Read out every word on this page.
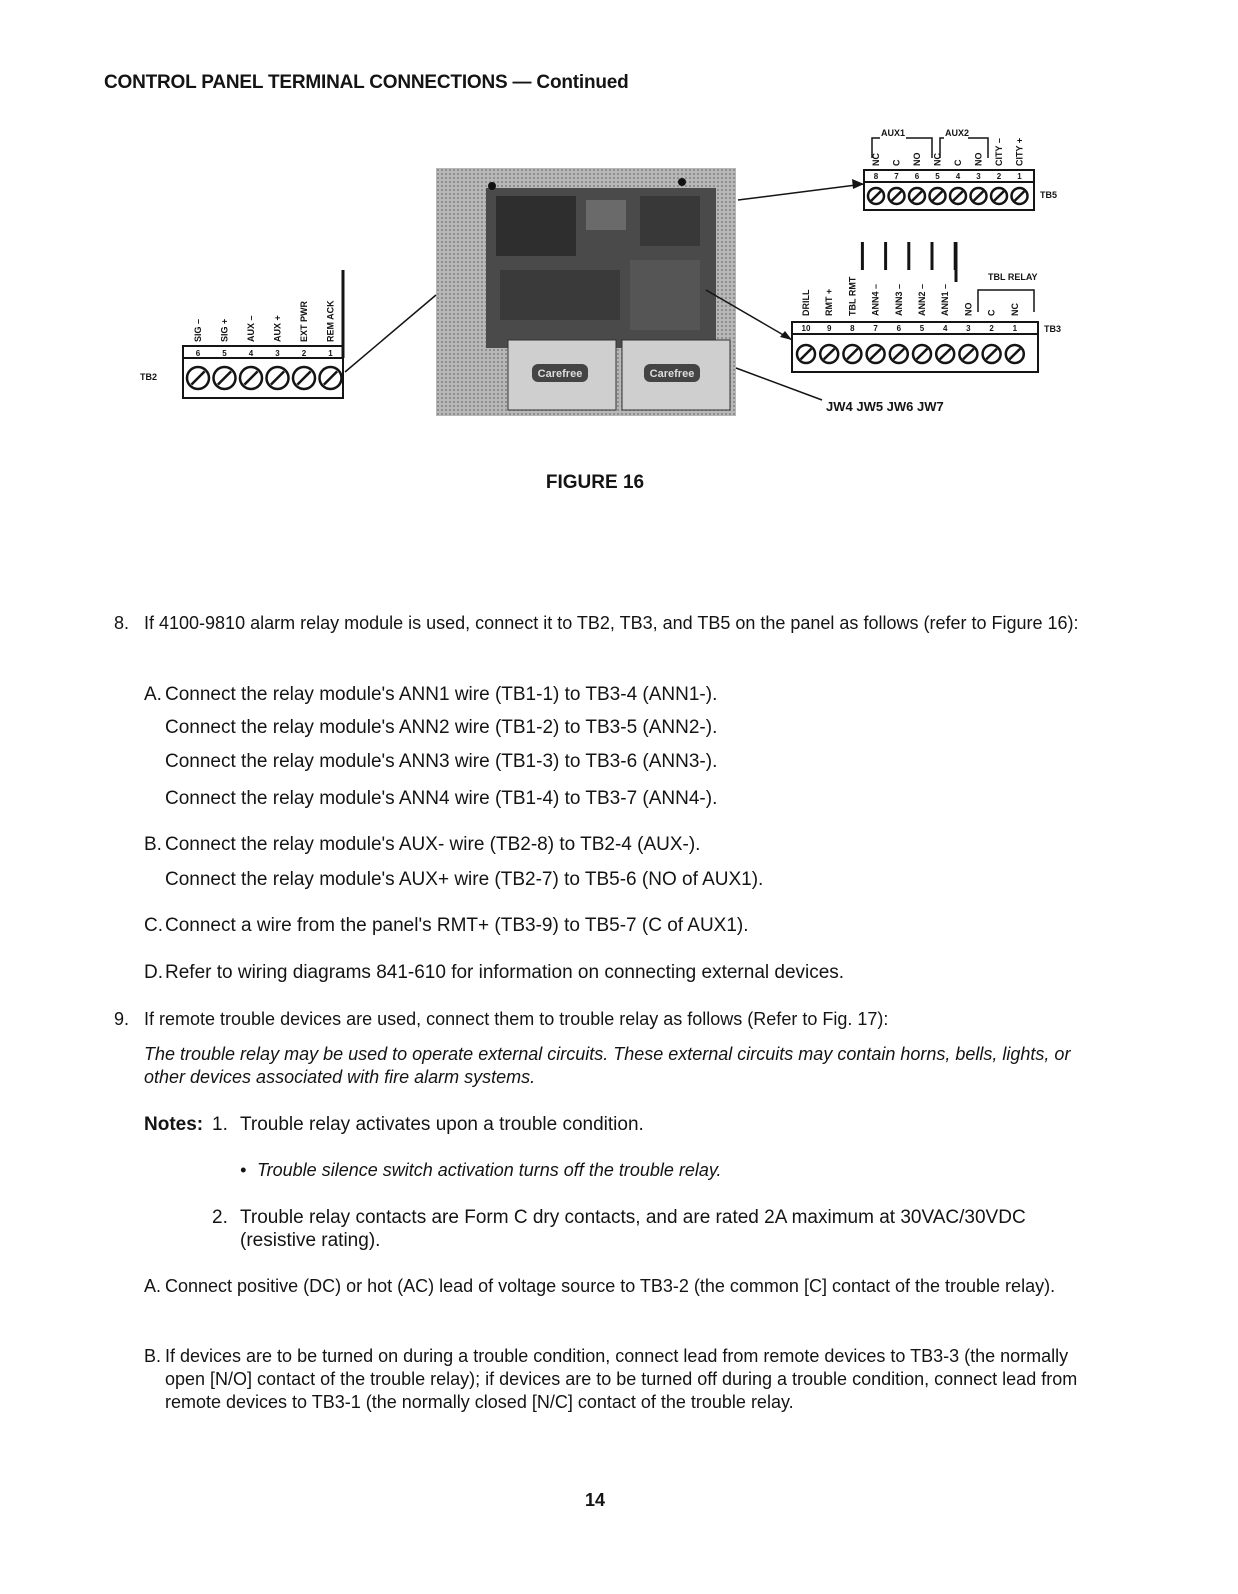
CONTROL PANEL TERMINAL CONNECTIONS — Continued
Carefree	Carefree
TB2
6
SIG –
5
SIG +
4
AUX –
3
AUX +
2
EXT PWR
1
REM ACK
AUX1	AUX2
8
NC
7
C
6
NO
5
NC
4
C
3
NO
2
CITY –
1
CITY +
TB5
TBL RELAY
10
DRILL
9
RMT +
8
TBL RMT
7
ANN4 –
6
ANN3 –
5
ANN2 –
4
ANN1 –
3
NO
2
C
1
NC
TB3
JW4 JW5 JW6 JW7
FIGURE 16
8. If 4100-9810 alarm relay module is used, connect it to TB2, TB3, and TB5 on the panel as follows (refer to Figure 16):
A. Connect the relay module's ANN1 wire (TB1-1) to TB3-4 (ANN1-).
Connect the relay module's ANN2 wire (TB1-2) to TB3-5 (ANN2-).
Connect the relay module's ANN3 wire (TB1-3) to TB3-6 (ANN3-).
Connect the relay module's ANN4 wire (TB1-4) to TB3-7 (ANN4-).
B. Connect the relay module's AUX- wire (TB2-8) to TB2-4 (AUX-).
Connect the relay module's AUX+ wire (TB2-7) to TB5-6 (NO of AUX1).
C. Connect a wire from the panel's RMT+ (TB3-9) to TB5-7 (C of AUX1).
D. Refer to wiring diagrams 841-610 for information on connecting external devices.
9. If remote trouble devices are used, connect them to trouble relay as follows (Refer to Fig. 17):
The trouble relay may be used to operate external circuits. These external circuits may contain horns, bells, lights, or other devices associated with fire alarm systems.
Notes: 1. Trouble relay activates upon a trouble condition.
• Trouble silence switch activation turns off the trouble relay.
2. Trouble relay contacts are Form C dry contacts, and are rated 2A maximum at 30VAC/30VDC (resistive rating).
A. Connect positive (DC) or hot (AC) lead of voltage source to TB3-2 (the common [C] contact of the trouble relay).
B. If devices are to be turned on during a trouble condition, connect lead from remote devices to TB3-3 (the normally open [N/O] contact of the trouble relay); if devices are to be turned off during a trouble condition, connect lead from remote devices to TB3-1 (the normally closed [N/C] contact of the trouble relay.
14
